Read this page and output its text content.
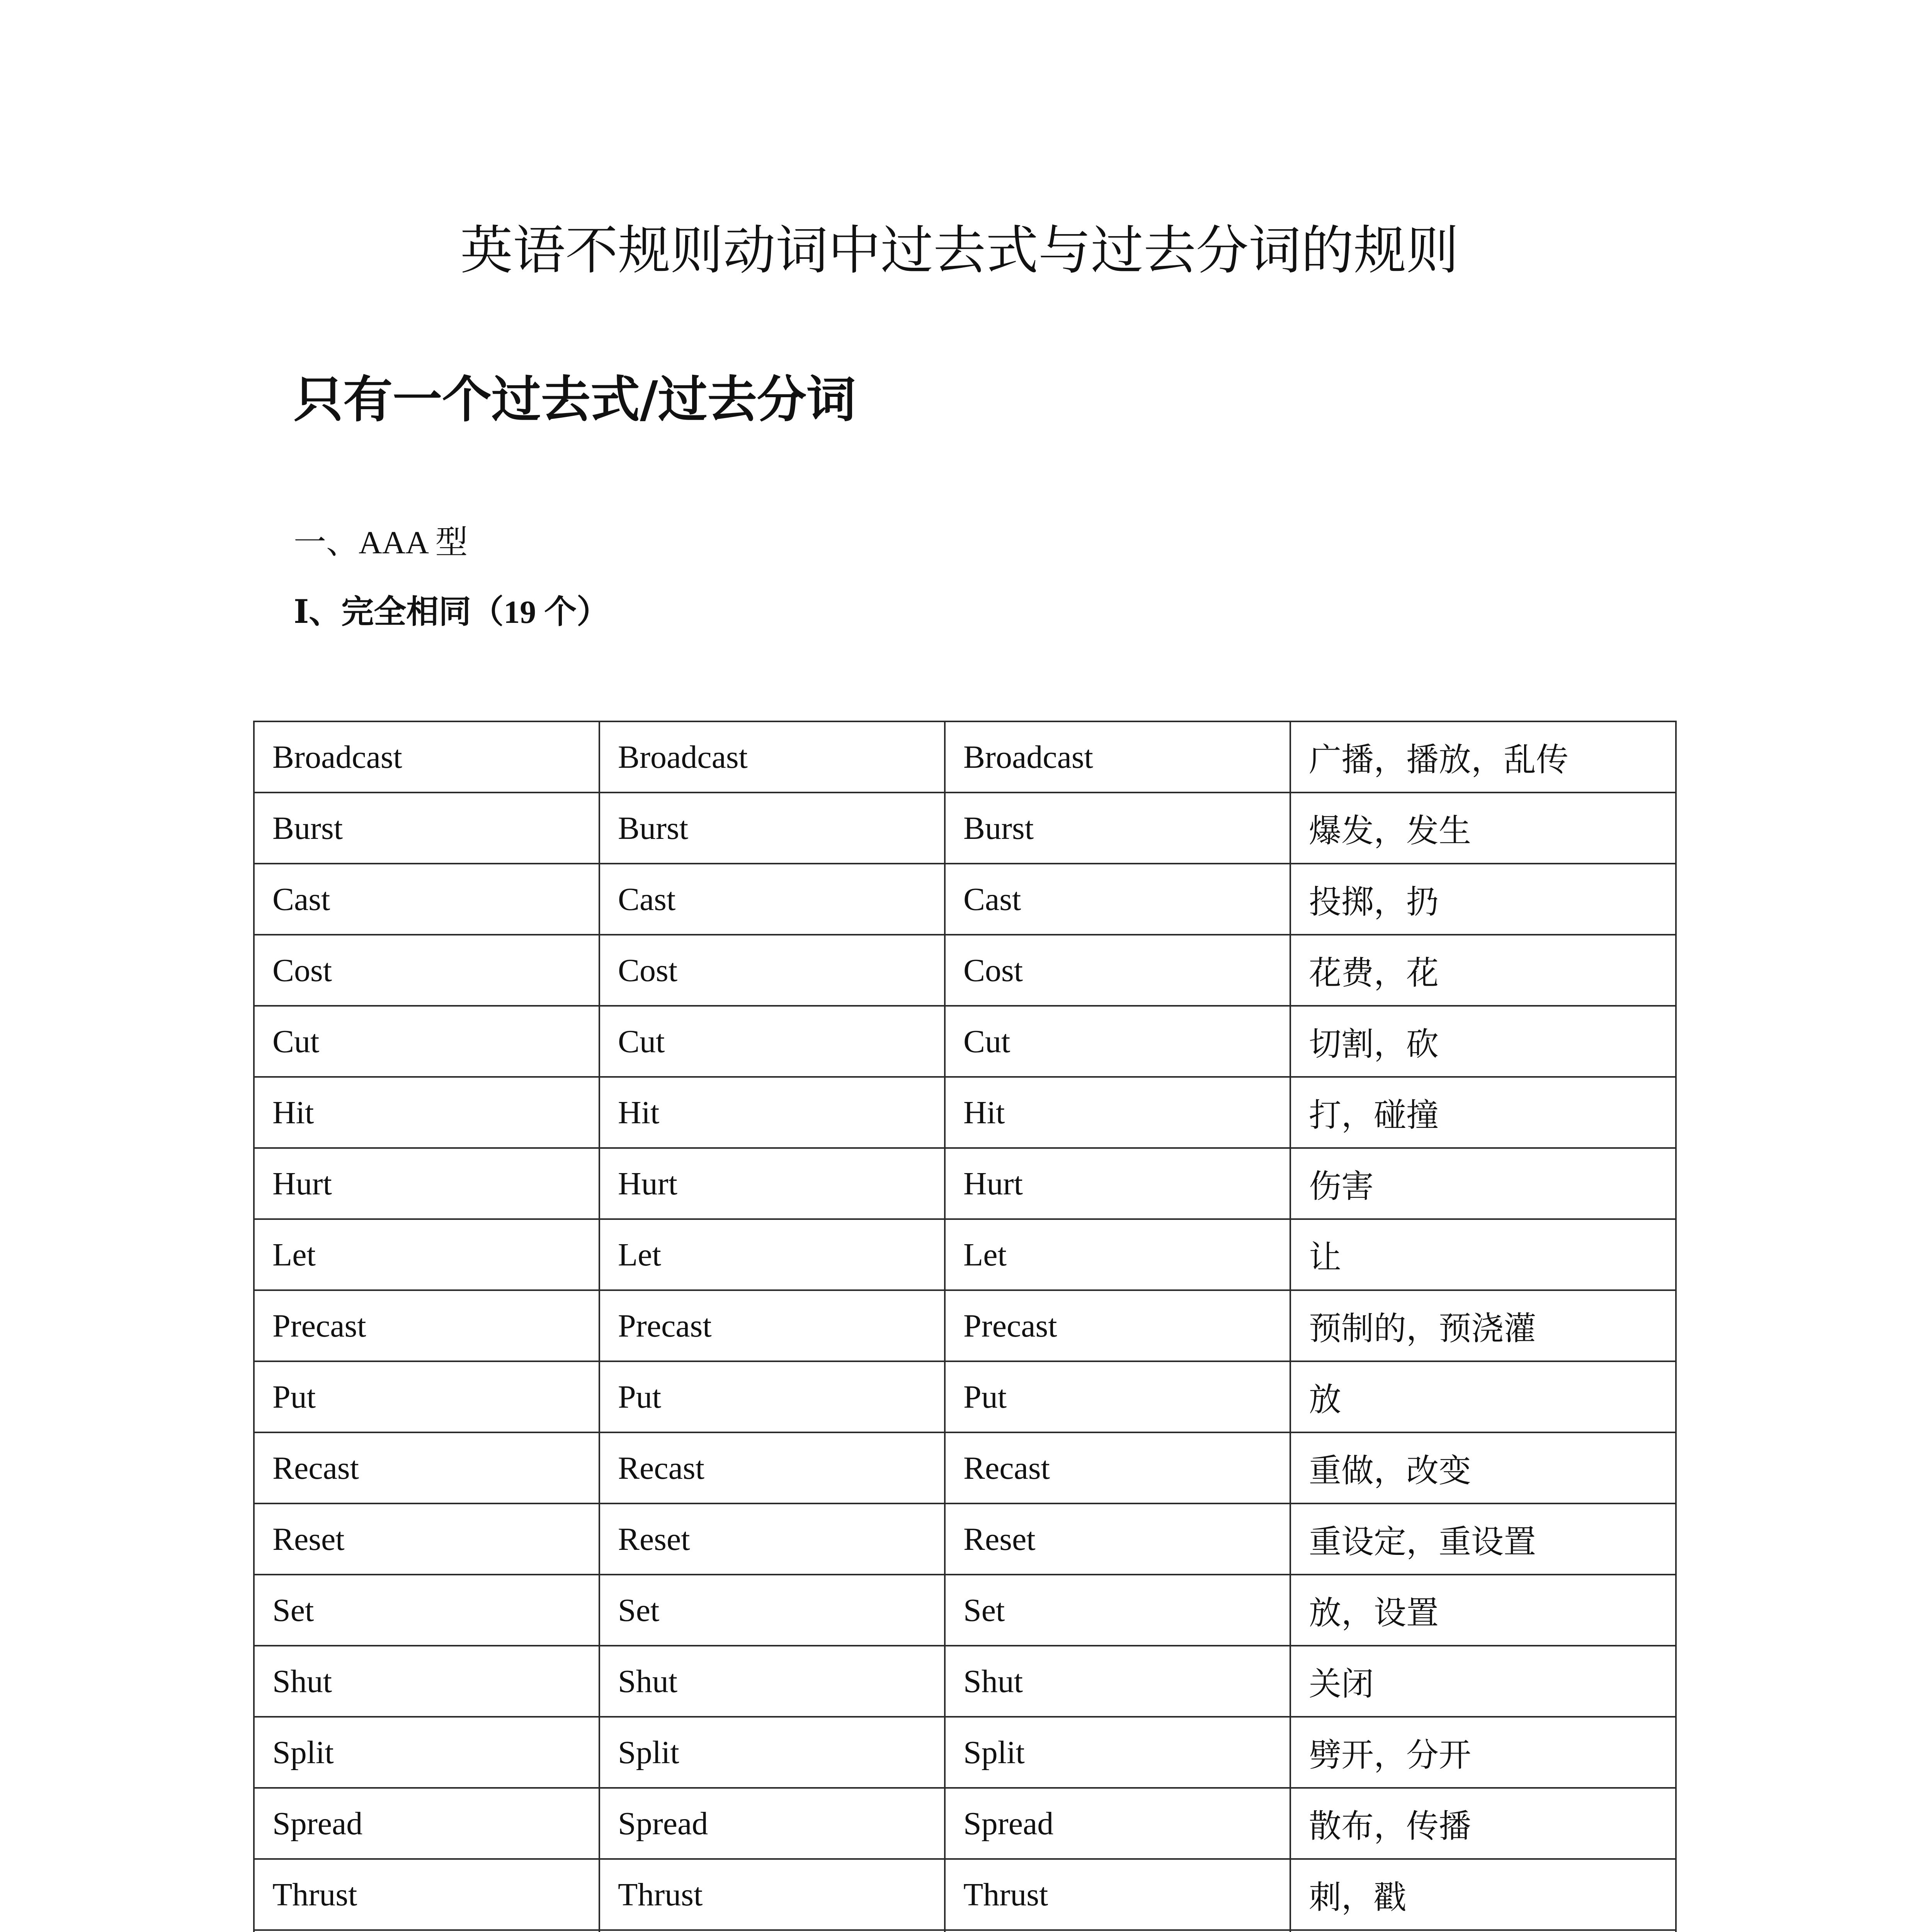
英语不规则动词中过去式与过去分词的规则
只有一个过去式/过去分词

一、AAA 型

Ⅰ、完全相同（19 个）

Broadcast	Broadcast	Broadcast	广播，播放，乱传
Burst	Burst	Burst	爆发，发生
Cast	Cast	Cast	投掷，扔
Cost	Cost	Cost	花费，花
Cut	Cut	Cut	切割，砍
Hit	Hit	Hit	打，碰撞
Hurt	Hurt	Hurt	伤害
Let	Let	Let	让
Precast	Precast	Precast	预制的，预浇灌
Put	Put	Put	放
Recast	Recast	Recast	重做，改变
Reset	Reset	Reset	重设定，重设置
Set	Set	Set	放，设置
Shut	Shut	Shut	关闭
Split	Split	Split	劈开，分开
Spread	Spread	Spread	散布，传播
Thrust	Thrust	Thrust	刺，戳
